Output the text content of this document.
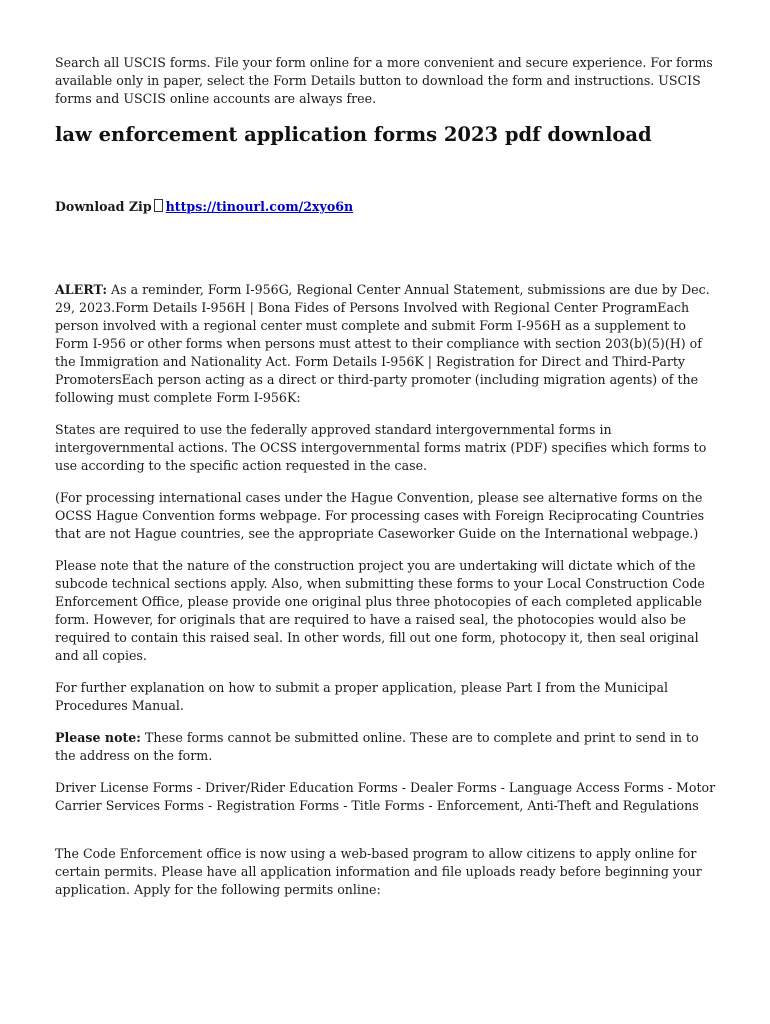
Search all USCIS forms. File your form online for a more convenient and secure experience. For forms available only in paper, select the Form Details button to download the form and instructions. USCIS forms and USCIS online accounts are always free.

law enforcement application forms 2023 pdf download
Download Zip https://tinourl.com/2xyo6n

ALERT: As a reminder, Form I-956G, Regional Center Annual Statement, submissions are due by Dec. 29, 2023.Form Details I-956H | Bona Fides of Persons Involved with Regional Center ProgramEach person involved with a regional center must complete and submit Form I-956H as a supplement to Form I-956 or other forms when persons must attest to their compliance with section 203(b)(5)(H) of the Immigration and Nationality Act. Form Details I-956K | Registration for Direct and Third-Party PromotersEach person acting as a direct or third-party promoter (including migration agents) of the following must complete Form I-956K:

States are required to use the federally approved standard intergovernmental forms in intergovernmental actions. The OCSS intergovernmental forms matrix (PDF) specifies which forms to use according to the specific action requested in the case.

(For processing international cases under the Hague Convention, please see alternative forms on the OCSS Hague Convention forms webpage. For processing cases with Foreign Reciprocating Countries that are not Hague countries, see the appropriate Caseworker Guide on the International webpage.)

Please note that the nature of the construction project you are undertaking will dictate which of the subcode technical sections apply. Also, when submitting these forms to your Local Construction Code Enforcement Office, please provide one original plus three photocopies of each completed applicable form. However, for originals that are required to have a raised seal, the photocopies would also be required to contain this raised seal. In other words, fill out one form, photocopy it, then seal original and all copies.

For further explanation on how to submit a proper application, please Part I from the Municipal Procedures Manual.

Please note: These forms cannot be submitted online. These are to complete and print to send in to the address on the form.

Driver License Forms - Driver/Rider Education Forms - Dealer Forms - Language Access Forms - Motor Carrier Services Forms - Registration Forms - Title Forms - Enforcement, Anti-Theft and Regulations

The Code Enforcement office is now using a web-based program to allow citizens to apply online for certain permits. Please have all application information and file uploads ready before beginning your application. Apply for the following permits online:
